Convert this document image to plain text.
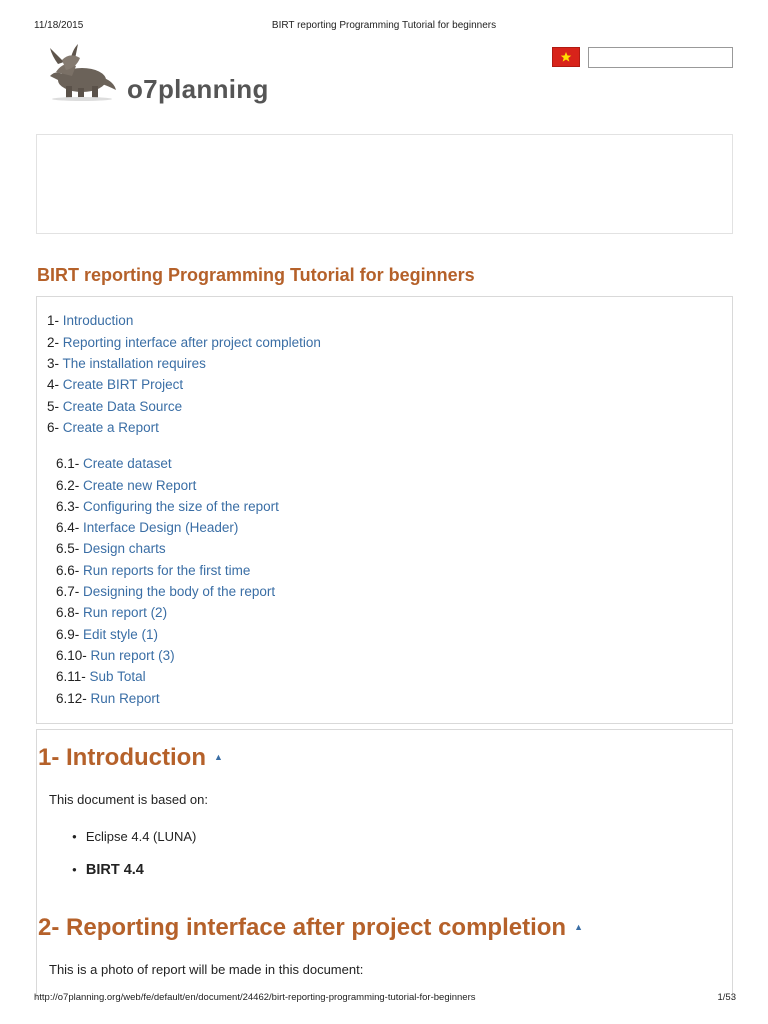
11/18/2015	BIRT reporting Programming Tutorial for beginners
o7planning
BIRT reporting Programming Tutorial for beginners
1- Introduction
2- Reporting interface after project completion
3- The installation requires
4- Create BIRT Project
5- Create Data Source
6- Create a Report
6.1- Create dataset
6.2- Create new Report
6.3- Configuring the size of the report
6.4- Interface Design (Header)
6.5- Design charts
6.6- Run reports for the first time
6.7- Designing the body of the report
6.8- Run report (2)
6.9- Edit style (1)
6.10- Run report (3)
6.11- Sub Total
6.12- Run Report
1- Introduction ▲

This document is based on:

● Eclipse 4.4 (LUNA)
● BIRT 4.4
2- Reporting interface after project completion ▲

This is a photo of report will be made in this document:

http://o7planning.org/web/fe/default/en/document/24462/birt-reporting-programming-tutorial-for-beginners	1/53
